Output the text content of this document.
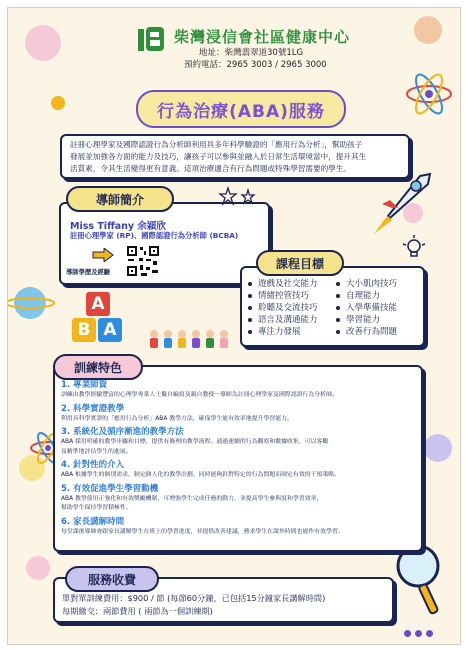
柴灣浸信會社區健康中心
地址：柴灣翡翠道30號1LG
預約電話：2965 3003 / 2965 3000
行為治療(ABA)服務
註冊心理學家及國際認證行為分析師利用具多年科學驗證的「應用行為分析」，幫助孩子
發展並加強各方面的能力及技巧，讓孩子可以參與並融入於日常生活環境當中，提升其生
活質素，令其生活變得更有意義。這項治療適合有行為問題或特殊學習需要的學生。
導師簡介
Miss Tiffany 余穎欣
註冊心理學家 (RP)、國際認證行為分析師 (BCBA)
導師學歷及經驗
課程目標
遊戲及社交能力
情緒控管技巧
聆聽及交流技巧
語言及溝通能力
專注力發展
大小肌肉技巧
自理能力
入學準備技能
學習能力
改善行為問題
A
B A
訓練特色
1. 專業師資
訓練由教學經驗豐富的心理學專業人士擬自編寫及親自教授一導師為註冊心理學家及國際認證行為分析師。
2. 科學實證教學
利用具科學實證的「應用行為分析」ABA 教學方法，確保學生能有效率地提升學習能力。
3. 系統化及循序漸進的教學方法
ABA 採用明確的教學步驟和目標，提供有條理的教學流程。通過連續的行為觀察和數據收集，可以客觀
及精準地評估學生的進展。
4. 針對性的介入
ABA 根據學生的個別需求，制定個人化的教學計劃。同時能夠針對特定的行為問題而制定有效的干預策略。
5. 有效促進學生學習動機
ABA 教學使用正強化和有效獎勵機制，可增強學生完成任務的動力，並提高學生參與度和學習效率，
幫助學生保持學習積極性。
6. 家長講解時間
每堂課後導師會跟家長講解學生在班上的學習進度，並提供改善建議，務求學生在課外時間也能作有效學習。
服務收費
單對單訓練費用：$900 / 節 (每節60分鐘，已包括15分鐘家長講解時間)
每期繳交：兩節費用 ( 兩節為一個訓練期)
